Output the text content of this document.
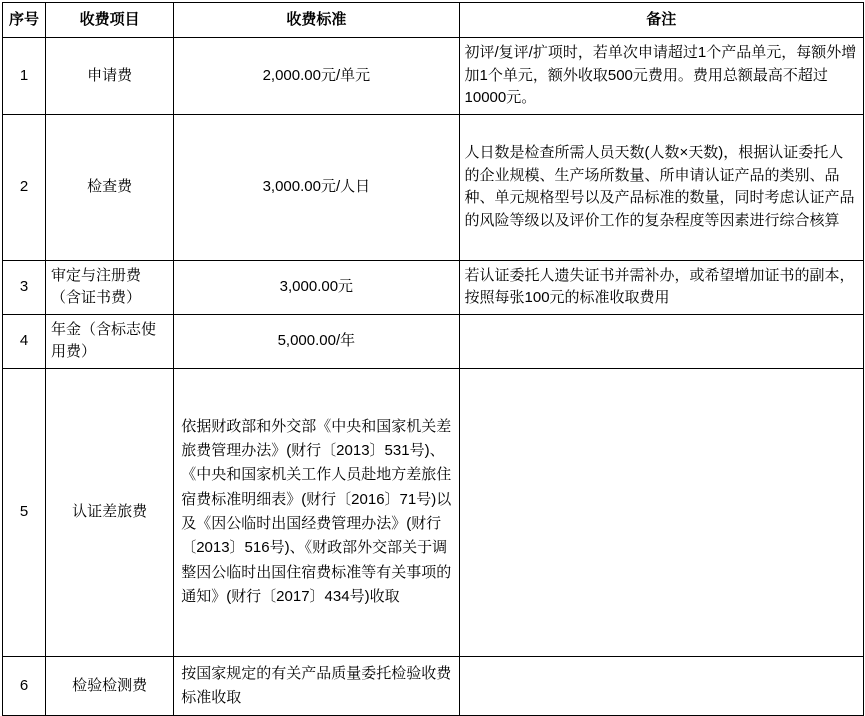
序号	收费项目	收费标准	备注
1	申请费	2,000.00元/单元	初评/复评/扩项时，若单次申请超过1个产品单元，每额外增加1个单元，额外收取500元费用。费用总额最高不超过10000元。
2	检查费	3,000.00元/人日	人日数是检查所需人员天数(人数×天数)，根据认证委托人的企业规模、生产场所数量、所申请认证产品的类别、品种、单元规格型号以及产品标准的数量，同时考虑认证产品的风险等级以及评价工作的复杂程度等因素进行综合核算
3	审定与注册费（含证书费）	3,000.00元	若认证委托人遗失证书并需补办，或希望增加证书的副本，按照每张100元的标准收取费用
4	年金（含标志使用费）	5,000.00/年	
5	认证差旅费	依据财政部和外交部《中央和国家机关差旅费管理办法》(财行〔2013〕531号)、《中央和国家机关工作人员赴地方差旅住宿费标准明细表》(财行〔2016〕71号)以及《因公临时出国经费管理办法》(财行〔2013〕516号)、《财政部外交部关于调整因公临时出国住宿费标准等有关事项的通知》(财行〔2017〕434号)收取	
6	检验检测费	按国家规定的有关产品质量委托检验收费标准收取	
